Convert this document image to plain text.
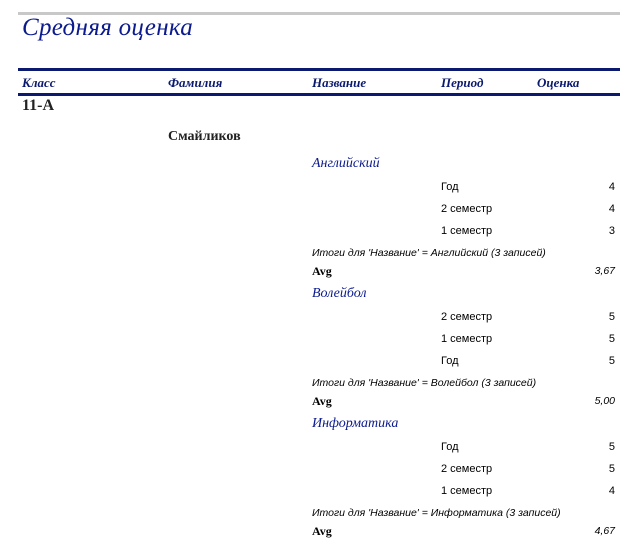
Средняя оценка
Класс	Фамилия	Название	Период	Оценка
11-А
Смайликов
Английский
Год	4
2 семестр	4
1 семестр	3
Итоги для 'Название' = Английский (3 записей)
Avg	3,67
Волейбол
2 семестр	5
1 семестр	5
Год	5
Итоги для 'Название' = Волейбол (3 записей)
Avg	5,00
Информатика
Год	5
2 семестр	5
1 семестр	4
Итоги для 'Название' = Информатика (3 записей)
Avg	4,67
